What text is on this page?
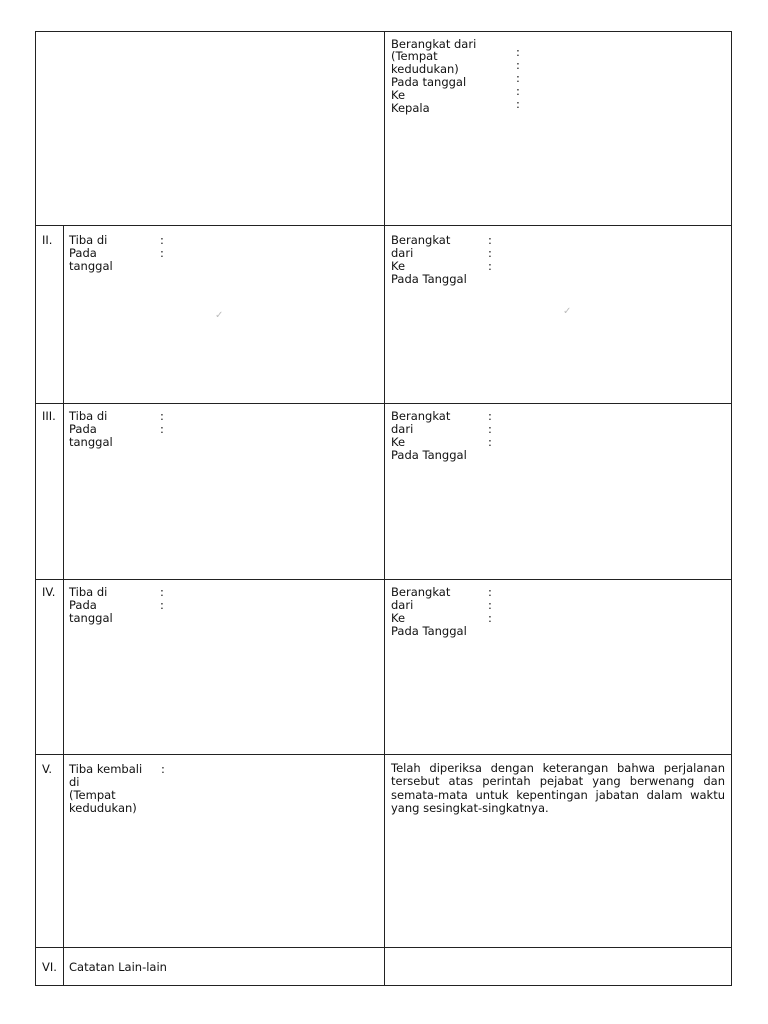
Berangkat dari
(Tempat
kedudukan)
Pada tanggal
Ke
Kepala
:
:
:
:
:
II. Tiba di
Pada
tanggal
:
:
Berangkat
dari
Ke
Pada Tanggal
:
:
:
✓	✓
III. Tiba di
Pada
tanggal
:
:
Berangkat
dari
Ke
Pada Tanggal
:
:
:
IV. Tiba di
Pada
tanggal
:
:
Berangkat
dari
Ke
Pada Tanggal
:
:
:
V. Tiba kembali
di
(Tempat
kedudukan)
:	Telah diperiksa dengan keterangan bahwa perjalanan tersebut atas perintah pejabat yang berwenang dan semata-mata untuk kepentingan jabatan dalam waktu yang sesingkat-singkatnya.
VI. Catatan Lain-lain
